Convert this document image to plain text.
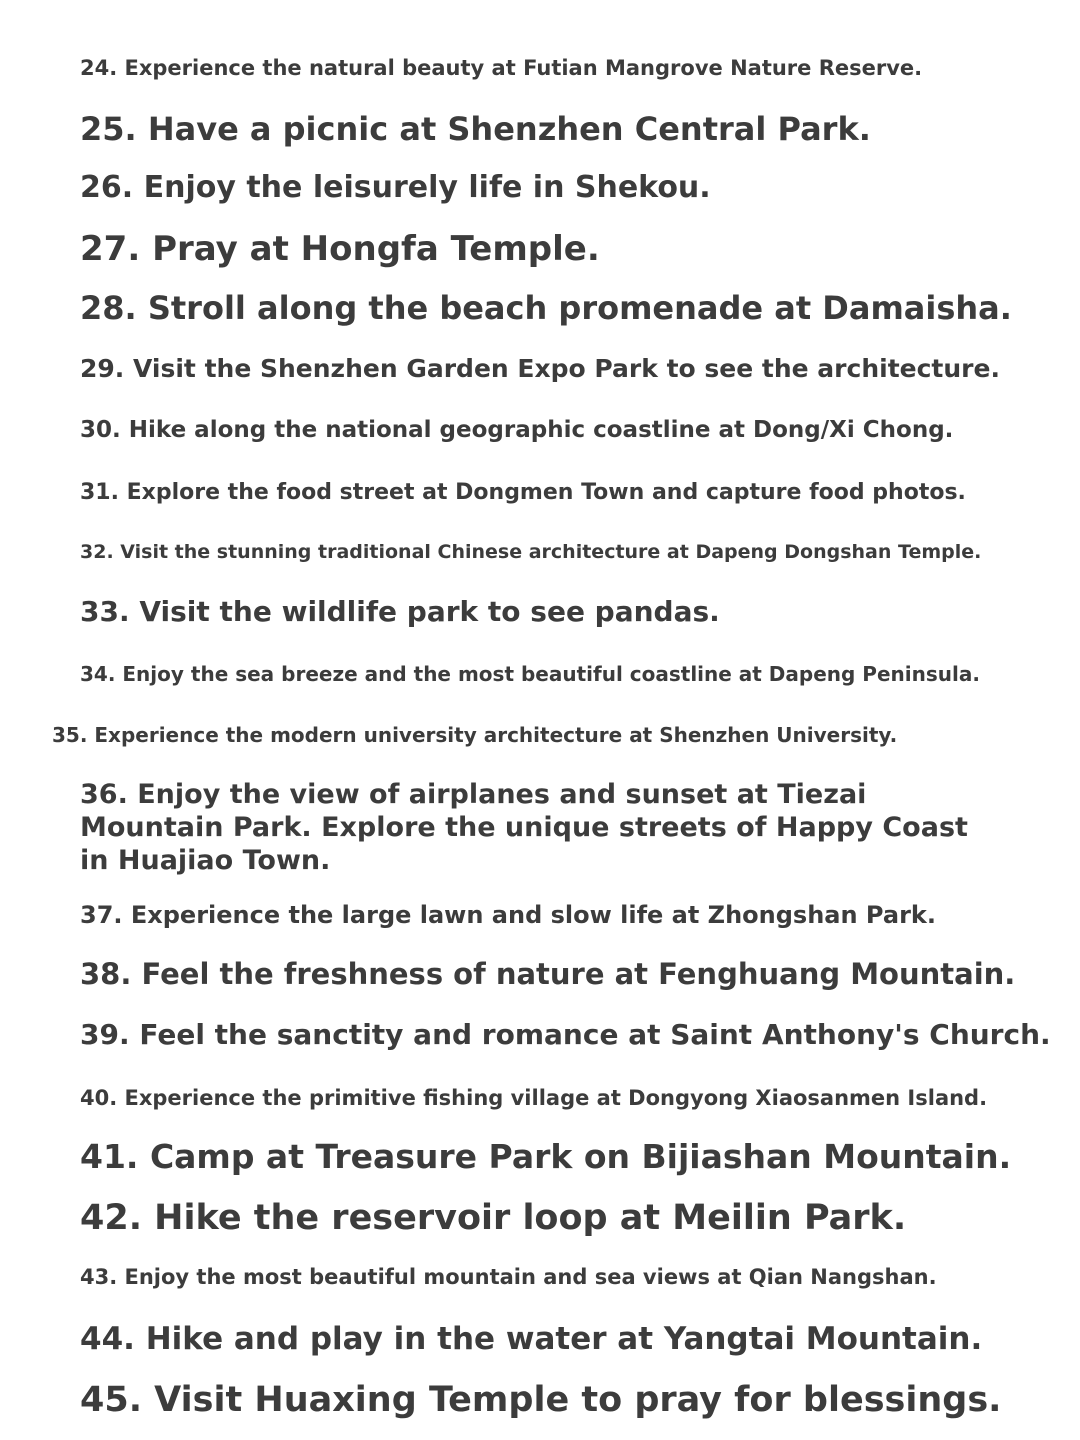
24. Experience the natural beauty at Futian Mangrove Nature Reserve.

25. Have a picnic at Shenzhen Central Park.

26. Enjoy the leisurely life in Shekou.

27. Pray at Hongfa Temple.

28. Stroll along the beach promenade at Damaisha.

29. Visit the Shenzhen Garden Expo Park to see the architecture.

30. Hike along the national geographic coastline at Dong/Xi Chong.

31. Explore the food street at Dongmen Town and capture food photos.

32. Visit the stunning traditional Chinese architecture at Dapeng Dongshan Temple.

33. Visit the wildlife park to see pandas.

34. Enjoy the sea breeze and the most beautiful coastline at Dapeng Peninsula.

35. Experience the modern university architecture at Shenzhen University.

36. Enjoy the view of airplanes and sunset at Tiezai Mountain Park. Explore the unique streets of Happy Coast in Huajiao Town.

37. Experience the large lawn and slow life at Zhongshan Park.

38. Feel the freshness of nature at Fenghuang Mountain.

39. Feel the sanctity and romance at Saint Anthony's Church.

40. Experience the primitive fishing village at Dongyong Xiaosanmen Island.

41. Camp at Treasure Park on Bijiashan Mountain.

42. Hike the reservoir loop at Meilin Park.

43. Enjoy the most beautiful mountain and sea views at Qian Nangshan.

44. Hike and play in the water at Yangtai Mountain.

45. Visit Huaxing Temple to pray for blessings.
